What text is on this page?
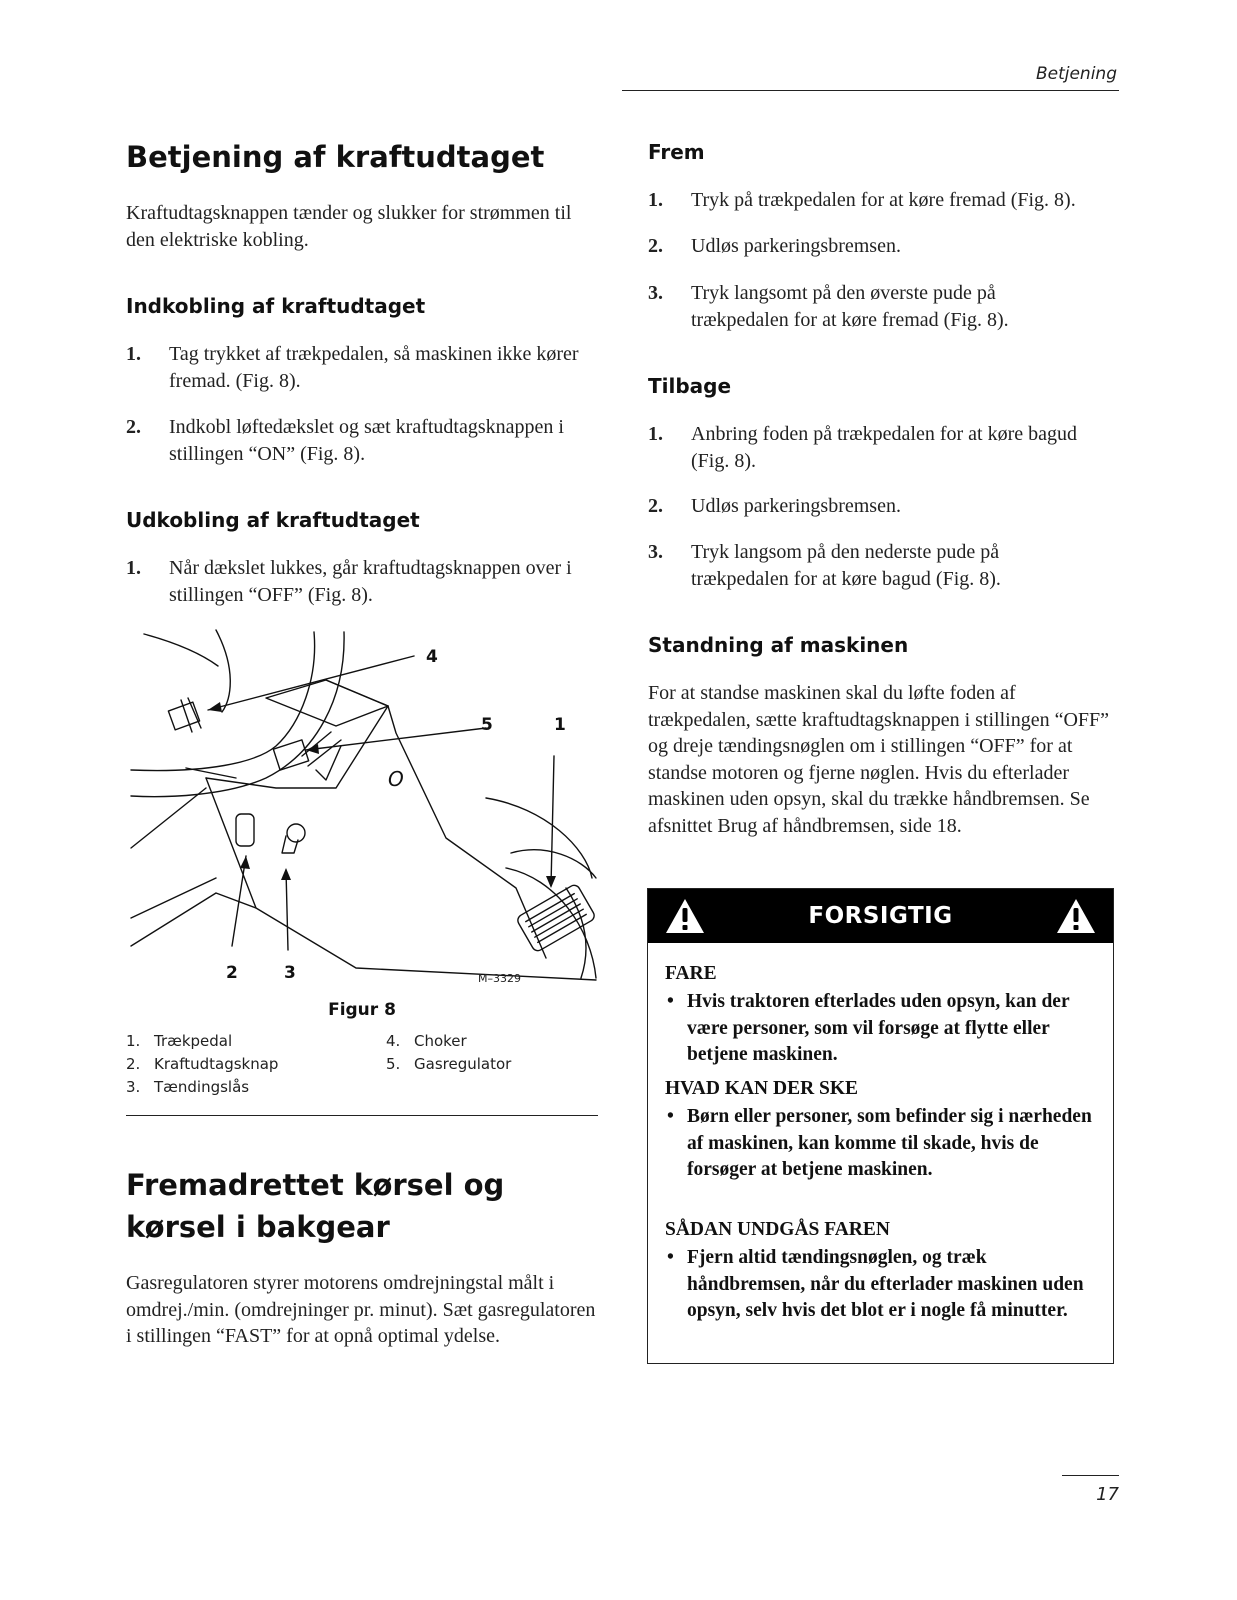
Betjening
Betjening af kraftudtaget

Kraftudtagsknappen tænder og slukker for strømmen til den elektriske kobling.

Indkobling af kraftudtaget
1. Tag trykket af trækpedalen, så maskinen ikke kører fremad. (Fig. 8).
2. Indkobl løftedækslet og sæt kraftudtagsknappen i stillingen “ON” (Fig. 8).
Udkobling af kraftudtaget
1. Når dækslet lukkes, går kraftudtagsknappen over i stillingen “OFF” (Fig. 8).
4
5	1
2	3
O
M–3329
Figur 8
1. Trækpedal
2. Kraftudtagsknap
3. Tændingslås
4. Choker
5. Gasregulator
Fremadrettet kørsel og kørsel i bakgear

Gasregulatoren styrer motorens omdrejningstal målt i omdrej./min. (omdrejninger pr. minut). Sæt gasregulatoren i stillingen “FAST” for at opnå optimal ydelse.

Frem
1. Tryk på trækpedalen for at køre fremad (Fig. 8).
2. Udløs parkeringsbremsen.
3. Tryk langsomt på den øverste pude på trækpedalen for at køre fremad (Fig. 8).
Tilbage
1. Anbring foden på trækpedalen for at køre bagud (Fig. 8).
2. Udløs parkeringsbremsen.
3. Tryk langsom på den nederste pude på trækpedalen for at køre bagud (Fig. 8).
Standning af maskinen

For at standse maskinen skal du løfte foden af trækpedalen, sætte kraftudtagsknappen i stillingen “OFF” og dreje tændingsnøglen om i stillingen “OFF” for at standse motoren og fjerne nøglen. Hvis du efterlader maskinen uden opsyn, skal du trække håndbremsen. Se afsnittet Brug af håndbremsen, side 18.

FORSIGTIG
FARE
• Hvis traktoren efterlades uden opsyn, kan der være personer, som vil forsøge at flytte eller betjene maskinen.
HVAD KAN DER SKE
• Børn eller personer, som befinder sig i nærheden af maskinen, kan komme til skade, hvis de forsøger at betjene maskinen.
SÅDAN UNDGÅS FAREN
• Fjern altid tændingsnøglen, og træk håndbremsen, når du efterlader maskinen uden opsyn, selv hvis det blot er i nogle få minutter.
17
